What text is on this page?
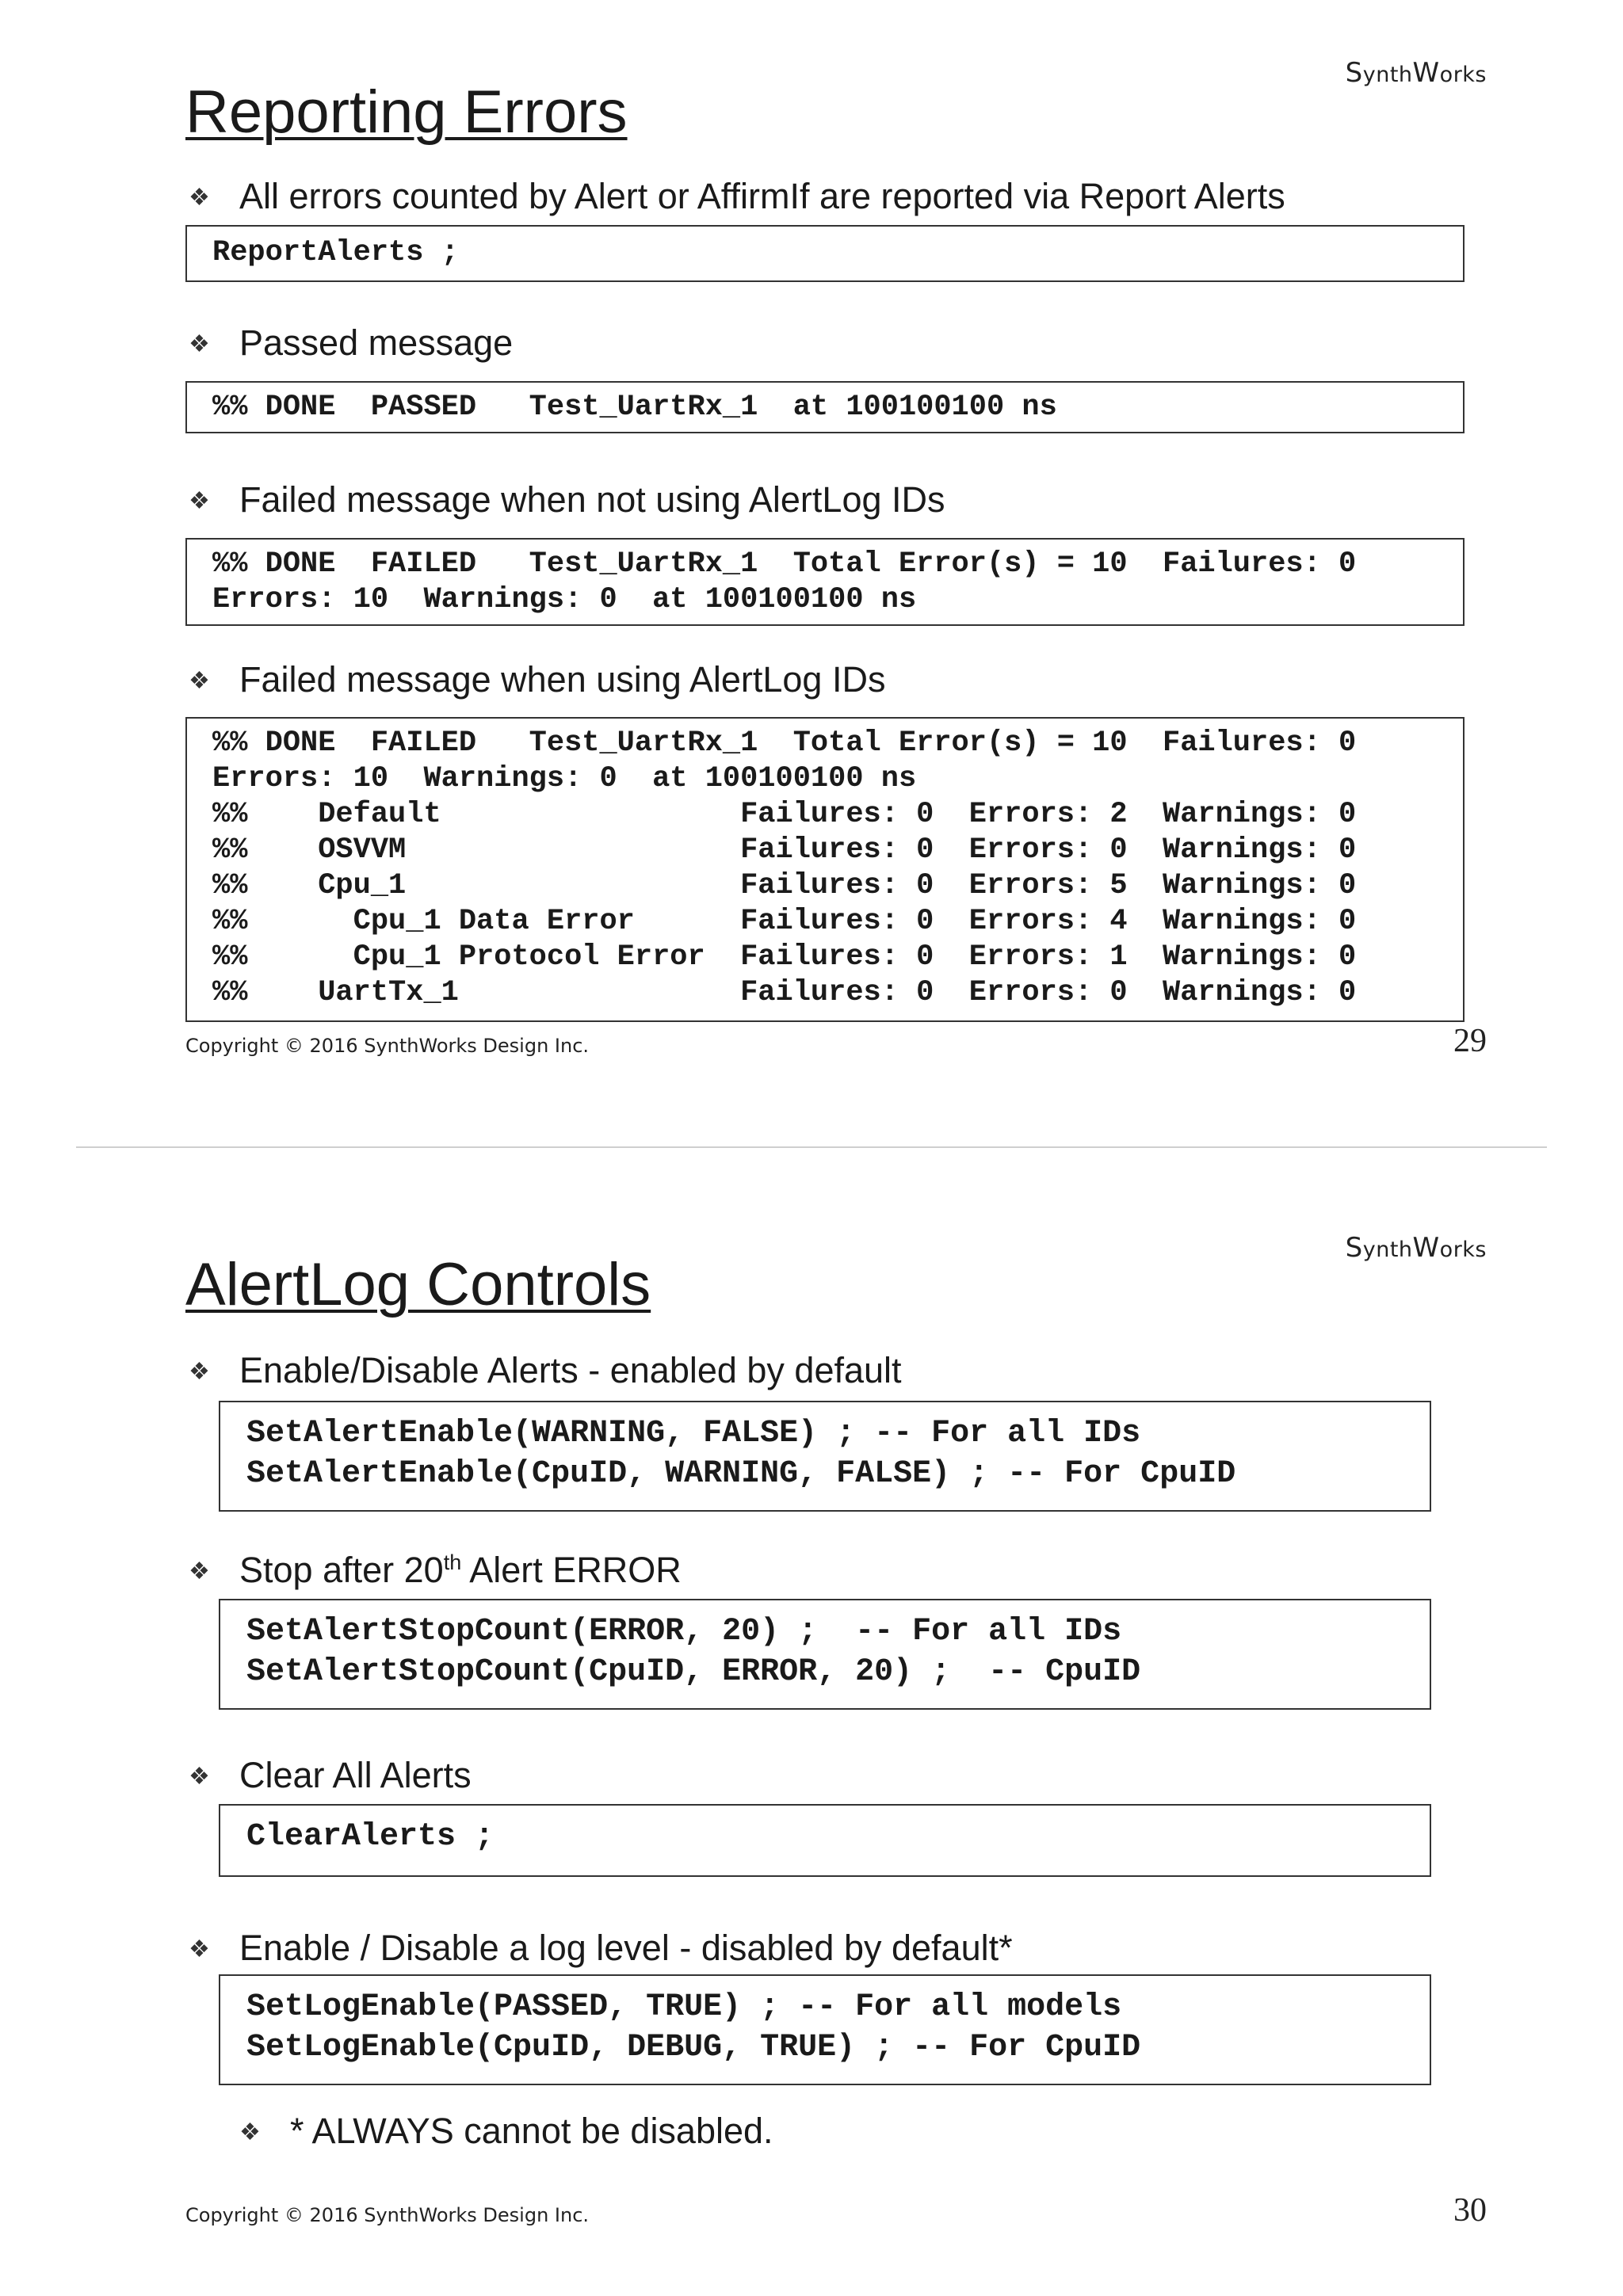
SynthWorks
Reporting Errors
❖ All errors counted by Alert or AffirmIf are reported via Report Alerts
ReportAlerts ;
❖ Passed message
%% DONE  PASSED   Test_UartRx_1  at 100100100 ns
❖ Failed message when not using AlertLog IDs
%% DONE  FAILED   Test_UartRx_1  Total Error(s) = 10  Failures: 0
Errors: 10  Warnings: 0  at 100100100 ns
❖ Failed message when using AlertLog IDs
%% DONE  FAILED   Test_UartRx_1  Total Error(s) = 10  Failures: 0
Errors: 10  Warnings: 0  at 100100100 ns
%%    Default                 Failures: 0  Errors: 2  Warnings: 0
%%    OSVVM                   Failures: 0  Errors: 0  Warnings: 0
%%    Cpu_1                   Failures: 0  Errors: 5  Warnings: 0
%%      Cpu_1 Data Error      Failures: 0  Errors: 4  Warnings: 0
%%      Cpu_1 Protocol Error  Failures: 0  Errors: 1  Warnings: 0
%%    UartTx_1                Failures: 0  Errors: 0  Warnings: 0
Copyright © 2016 SynthWorks Design Inc.	29
SynthWorks
AlertLog Controls
❖ Enable/Disable Alerts - enabled by default
SetAlertEnable(WARNING, FALSE) ; -- For all IDs
SetAlertEnable(CpuID, WARNING, FALSE) ; -- For CpuID
❖ Stop after 20th Alert ERROR
SetAlertStopCount(ERROR, 20) ;  -- For all IDs
SetAlertStopCount(CpuID, ERROR, 20) ;  -- CpuID
❖ Clear All Alerts
ClearAlerts ;
❖ Enable / Disable a log level - disabled by default*
SetLogEnable(PASSED, TRUE) ; -- For all models
SetLogEnable(CpuID, DEBUG, TRUE) ; -- For CpuID
❖ * ALWAYS cannot be disabled.
Copyright © 2016 SynthWorks Design Inc.	30
